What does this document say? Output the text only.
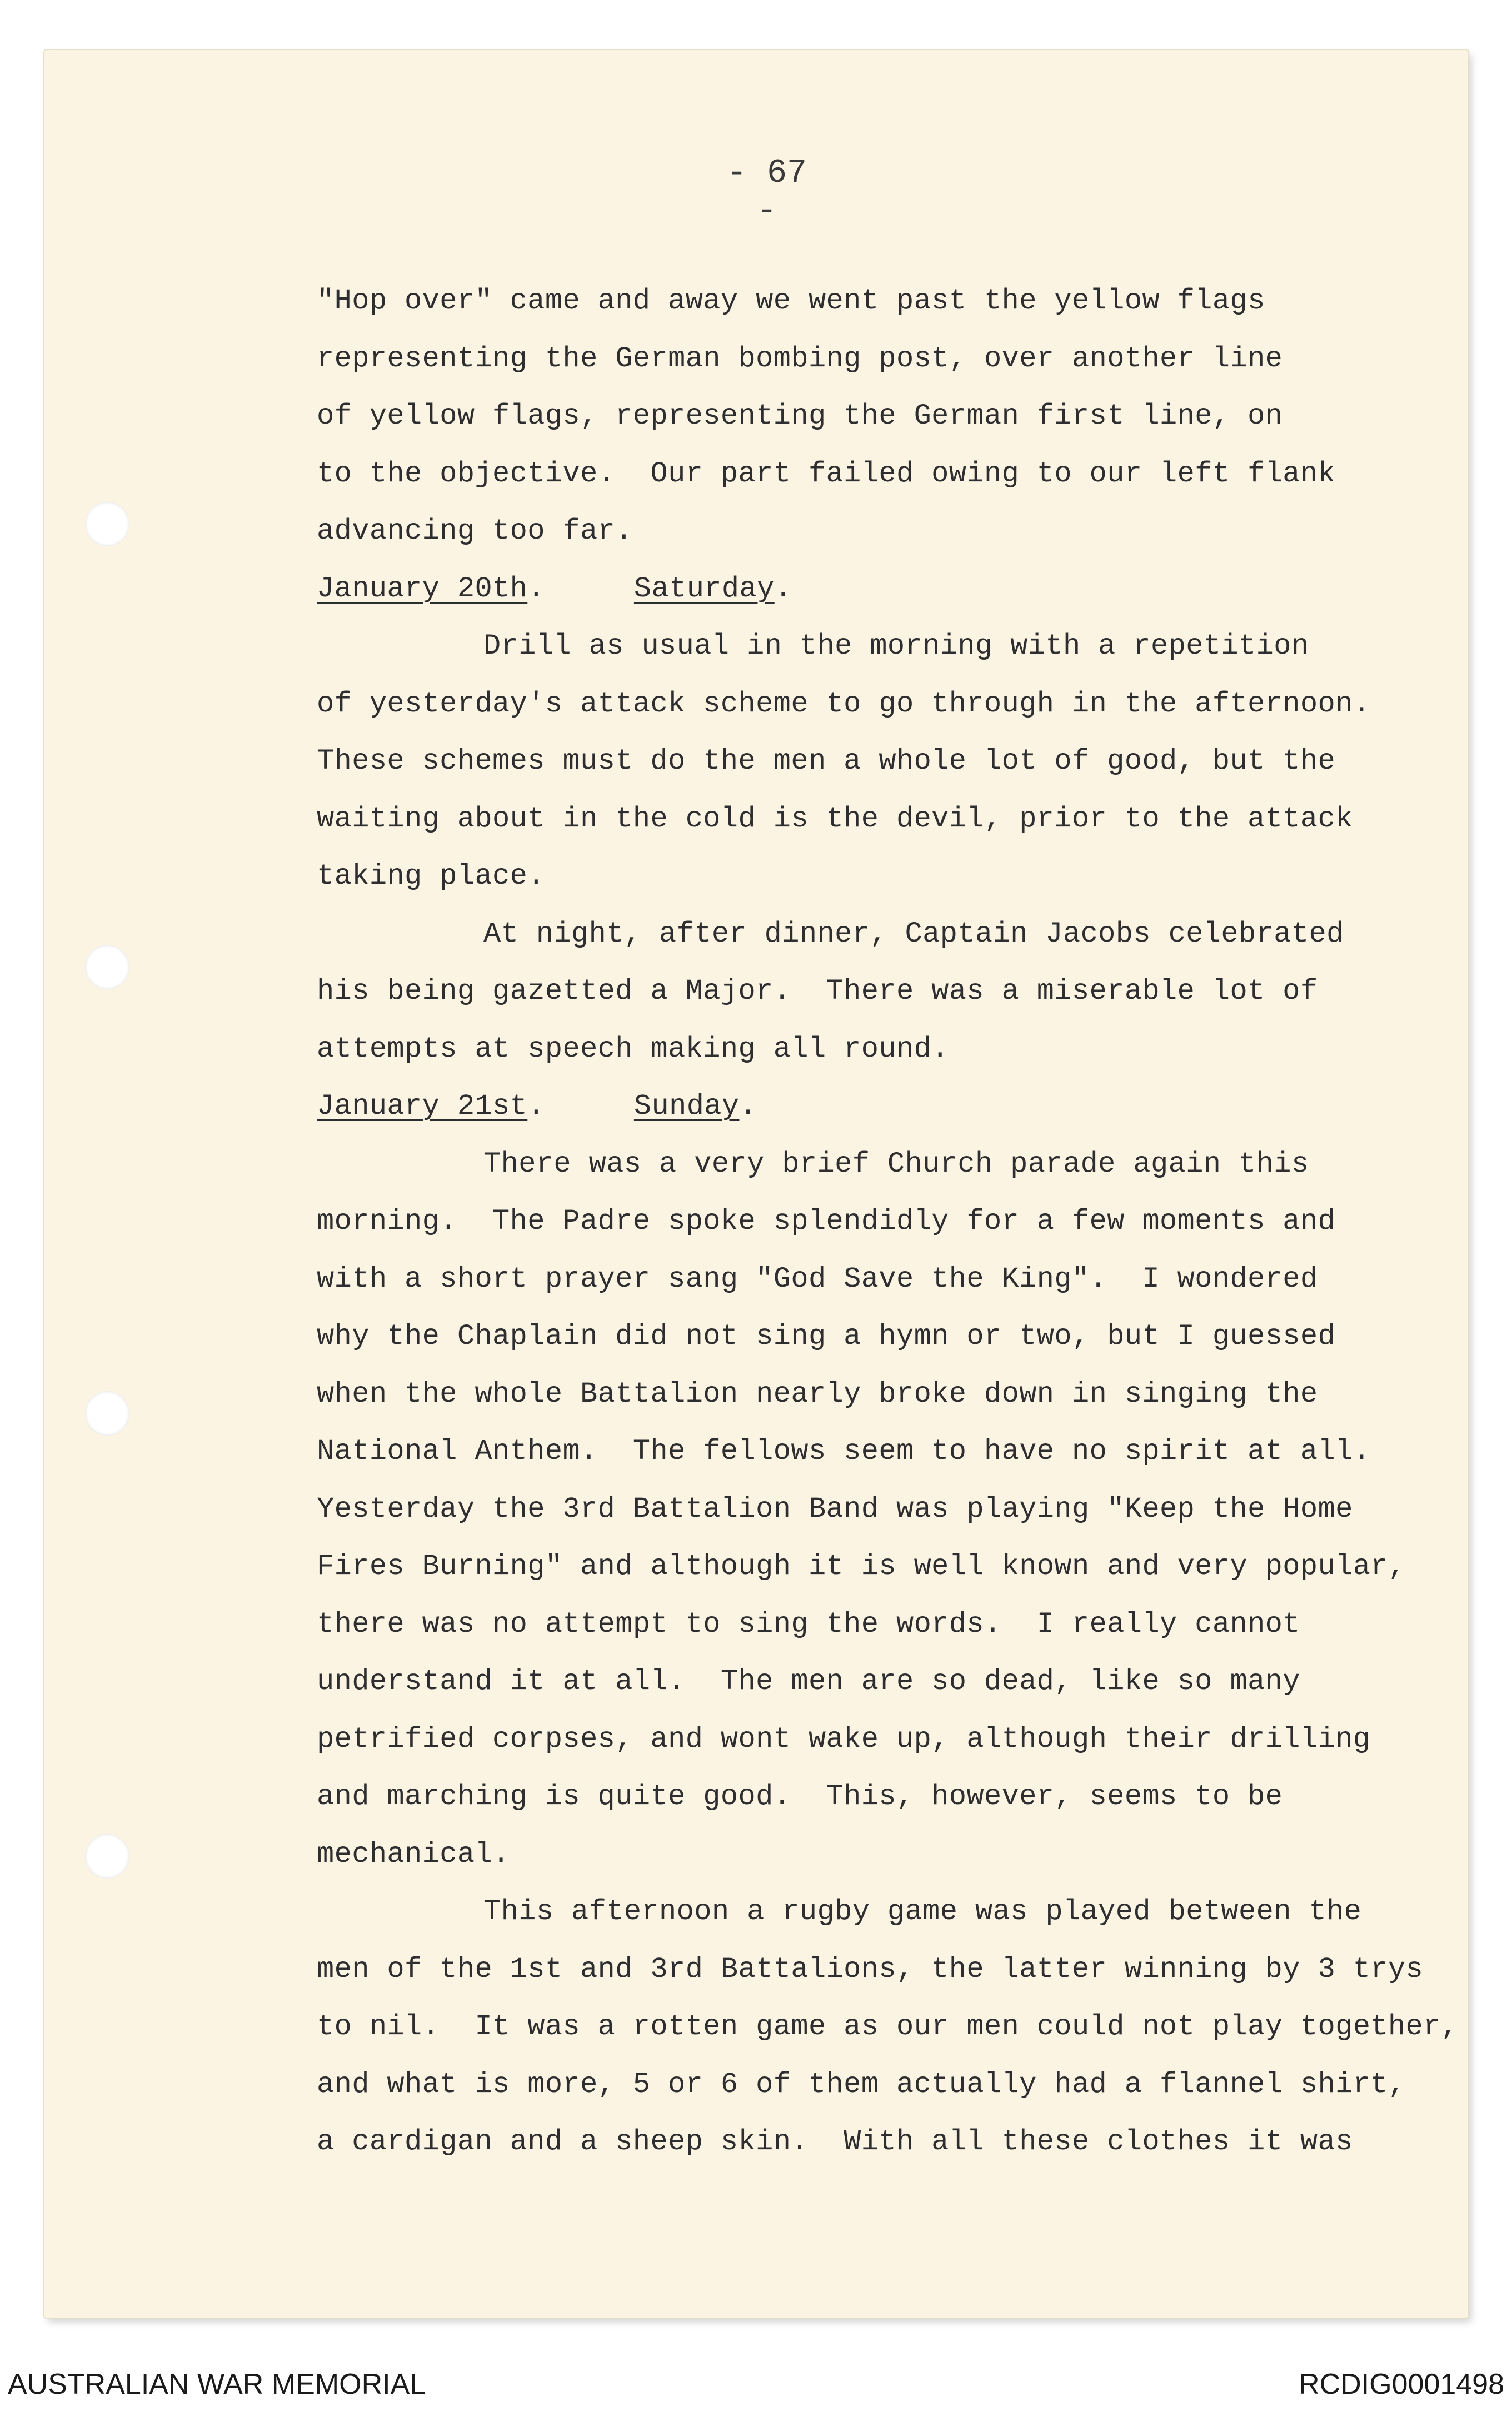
- 67 -
"Hop over" came and away we went past the yellow flags
representing the German bombing post, over another line
of yellow flags, representing the German first line, on
to the objective.  Our part failed owing to our left flank
advancing too far.
January 20th.	Saturday.
Drill as usual in the morning with a repetition
of yesterday's attack scheme to go through in the afternoon.
These schemes must do the men a whole lot of good, but the
waiting about in the cold is the devil, prior to the attack
taking place.
At night, after dinner, Captain Jacobs celebrated
his being gazetted a Major.  There was a miserable lot of
attempts at speech making all round.
January 21st.	Sunday.
There was a very brief Church parade again this
morning.  The Padre spoke splendidly for a few moments and
with a short prayer sang "God Save the King".  I wondered
why the Chaplain did not sing a hymn or two, but I guessed
when the whole Battalion nearly broke down in singing the
National Anthem.  The fellows seem to have no spirit at all.
Yesterday the 3rd Battalion Band was playing "Keep the Home
Fires Burning" and although it is well known and very popular,
there was no attempt to sing the words.  I really cannot
understand it at all.  The men are so dead, like so many
petrified corpses, and wont wake up, although their drilling
and marching is quite good.  This, however, seems to be
mechanical.
This afternoon a rugby game was played between the
men of the 1st and 3rd Battalions, the latter winning by 3 trys
to nil.  It was a rotten game as our men could not play together,
and what is more, 5 or 6 of them actually had a flannel shirt,
a cardigan and a sheep skin.  With all these clothes it was
AUSTRALIAN WAR MEMORIAL	RCDIG0001498
